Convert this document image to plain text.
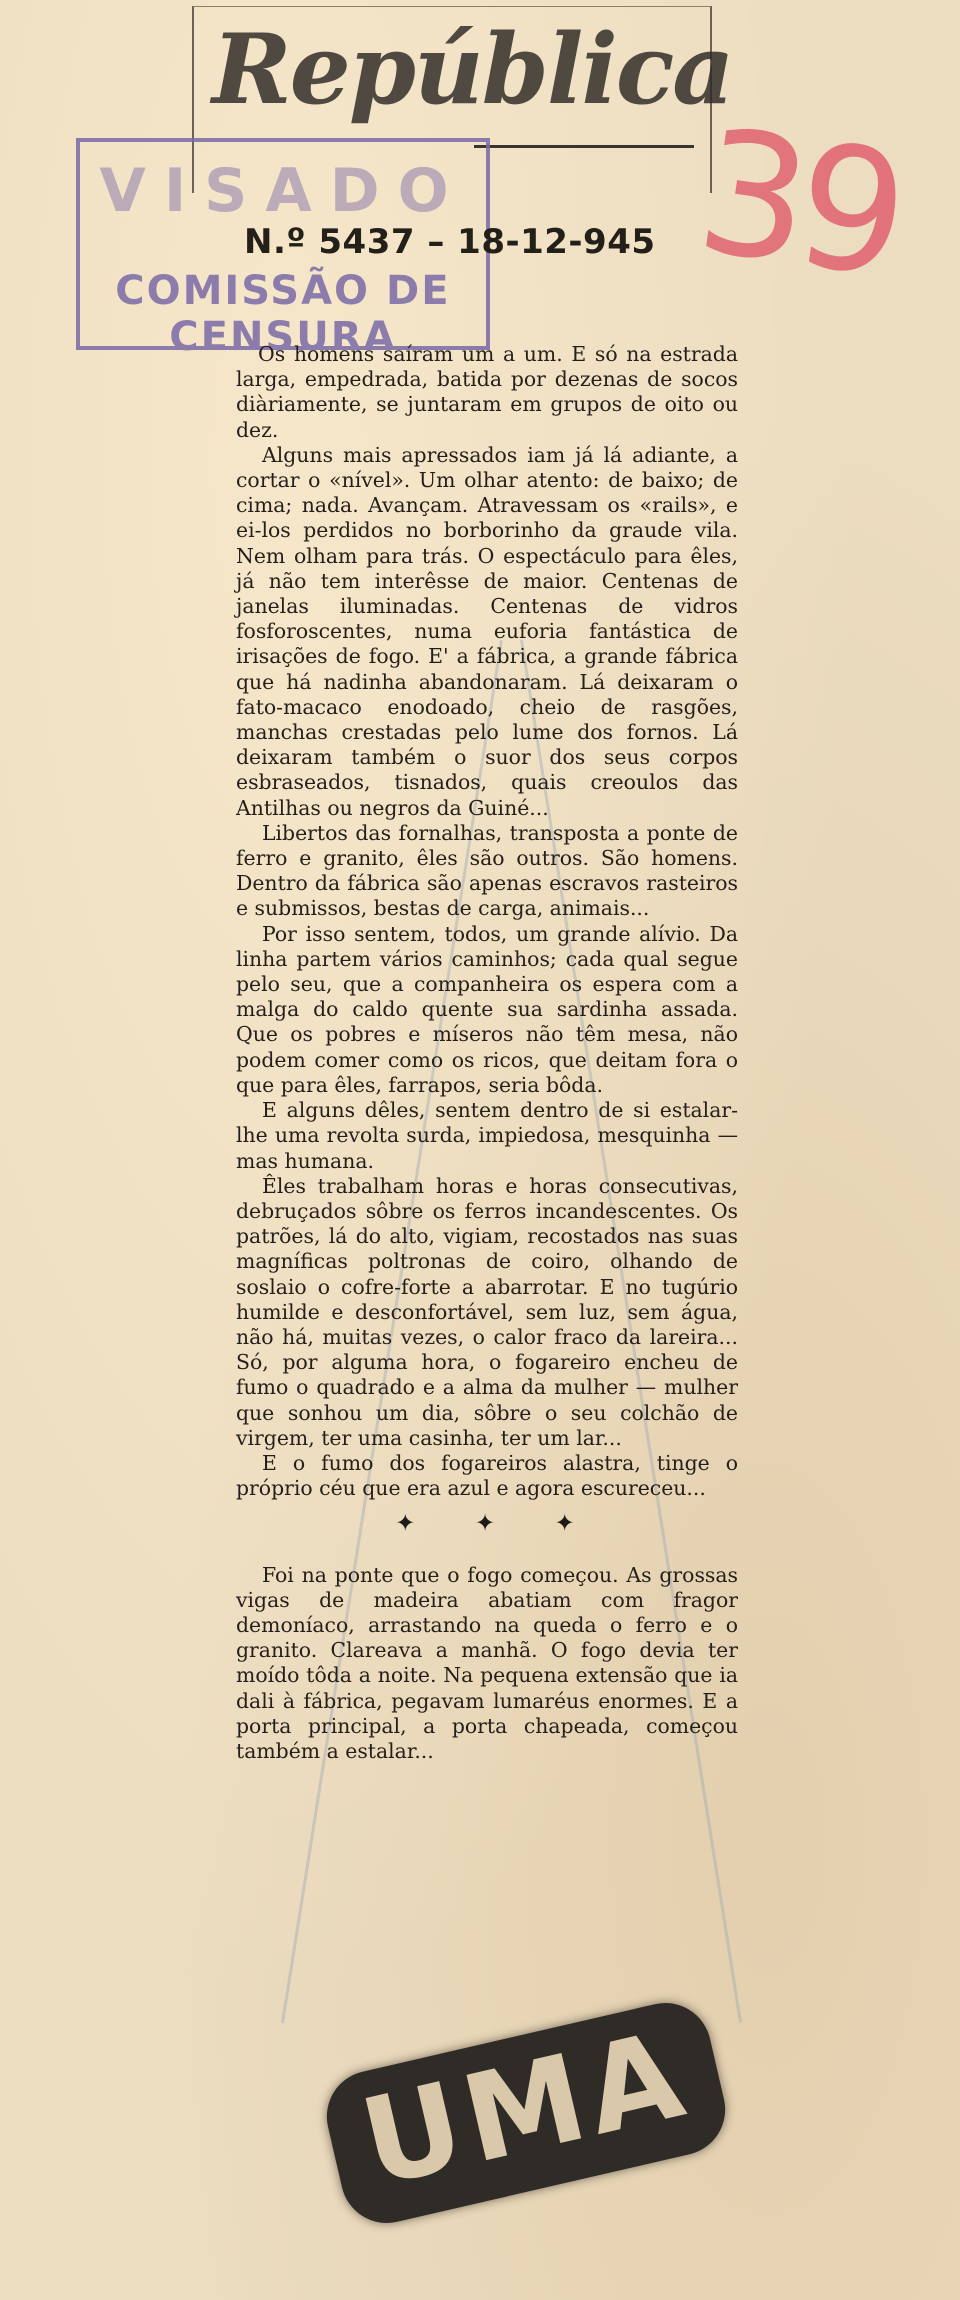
República
VISADO
COMISSÃO DE CENSURA
N.º 5437 – 18-12-945 39

Os homens saíram um a um. E só na estrada larga, empedrada, batida por dezenas de socos diàriamente, se juntaram em grupos de oito ou dez.

Alguns mais apressados iam já lá adiante, a cortar o «nível». Um olhar atento: de baixo; de cima; nada. Avançam. Atravessam os «rails», e ei-los perdidos no borborinho da graude vila. Nem olham para trás. O espectáculo para êles, já não tem interêsse de maior. Centenas de janelas iluminadas. Centenas de vidros fosforoscentes, numa euforia fantástica de irisações de fogo. E' a fábrica, a grande fábrica que há nadinha abandonaram. Lá deixaram o fato-macaco enodoado, cheio de rasgões, manchas crestadas pelo lume dos fornos. Lá deixaram também o suor dos seus corpos esbraseados, tisnados, quais creoulos das Antilhas ou negros da Guiné...

Libertos das fornalhas, transposta a ponte de ferro e granito, êles são outros. São homens. Dentro da fábrica são apenas escravos rasteiros e submissos, bestas de carga, animais...

Por isso sentem, todos, um grande alívio. Da linha partem vários caminhos; cada qual segue pelo seu, que a companheira os espera com a malga do caldo quente sua sardinha assada. Que os pobres e míseros não têm mesa, não podem comer como os ricos, que deitam fora o que para êles, farrapos, seria bôda.

E alguns dêles, sentem dentro de si estalar-lhe uma revolta surda, impiedosa, mesquinha — mas humana.

Êles trabalham horas e horas consecutivas, debruçados sôbre os ferros incandescentes. Os patrões, lá do alto, vigiam, recostados nas suas magníficas poltronas de coiro, olhando de soslaio o cofre-forte a abarrotar. E no tugúrio humilde e desconfortável, sem luz, sem água, não há, muitas vezes, o calor fraco da lareira... Só, por alguma hora, o fogareiro encheu de fumo o quadrado e a alma da mulher — mulher que sonhou um dia, sôbre o seu colchão de virgem, ter uma casinha, ter um lar...

E o fumo dos fogareiros alastra, tinge o próprio céu que era azul e agora escureceu...

✦ ✦ ✦

Foi na ponte que o fogo começou. As grossas vigas de madeira abatiam com fragor demoníaco, arrastando na queda o ferro e o granito. Clareava a manhã. O fogo devia ter moído tôda a noite. Na pequena extensão que ia dali à fábrica, pegavam lumaréus enormes. E a porta principal, a porta chapeada, começou também a estalar...

UMA
